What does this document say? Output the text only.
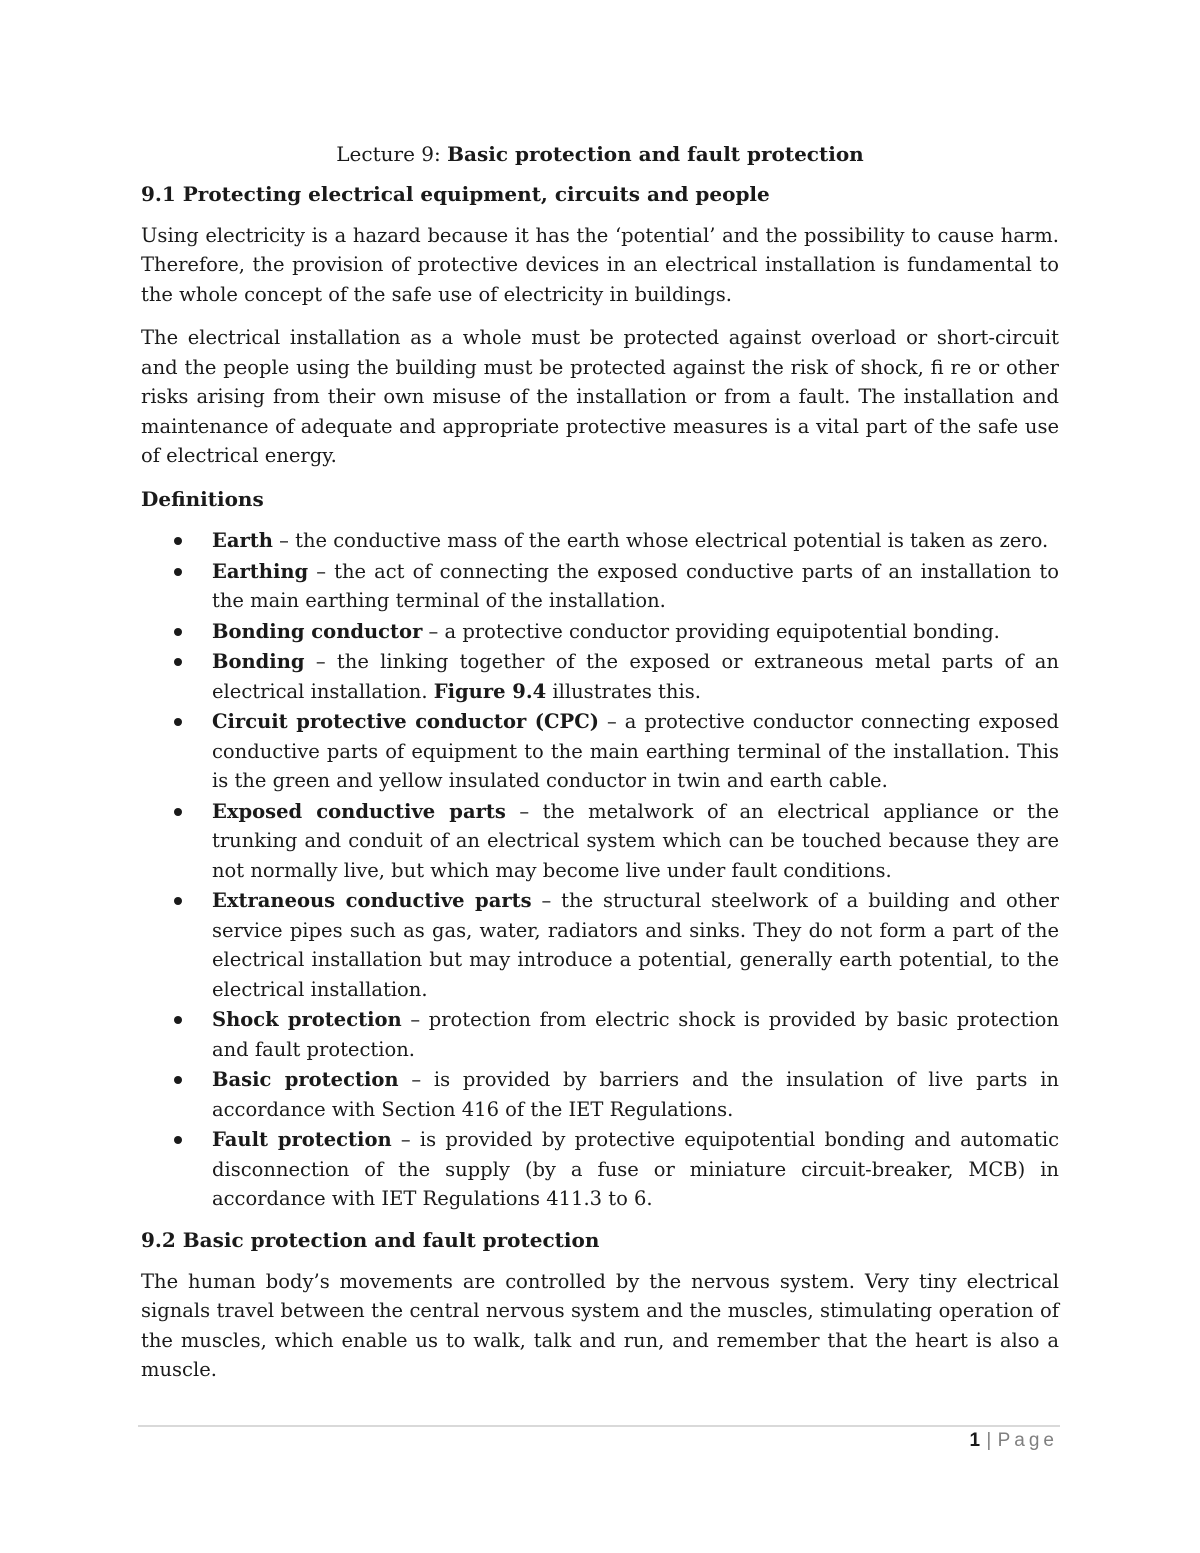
Lecture 9: Basic protection and fault protection
9.1 Protecting electrical equipment, circuits and people

Using electricity is a hazard because it has the ‘potential’ and the possibility to cause harm. Therefore, the provision of protective devices in an electrical installation is fundamental to the whole concept of the safe use of electricity in buildings.

The electrical installation as a whole must be protected against overload or short-circuit and the people using the building must be protected against the risk of shock, fi re or other risks arising from their own misuse of the installation or from a fault. The installation and maintenance of adequate and appropriate protective measures is a vital part of the safe use of electrical energy.

Definitions
Earth – the conductive mass of the earth whose electrical potential is taken as zero.
Earthing – the act of connecting the exposed conductive parts of an installation to the main earthing terminal of the installation.
Bonding conductor – a protective conductor providing equipotential bonding.
Bonding – the linking together of the exposed or extraneous metal parts of an electrical installation. Figure 9.4 illustrates this.
Circuit protective conductor (CPC) – a protective conductor connecting exposed conductive parts of equipment to the main earthing terminal of the installation. This is the green and yellow insulated conductor in twin and earth cable.
Exposed conductive parts – the metalwork of an electrical appliance or the trunking and conduit of an electrical system which can be touched because they are not normally live, but which may become live under fault conditions.
Extraneous conductive parts – the structural steelwork of a building and other service pipes such as gas, water, radiators and sinks. They do not form a part of the electrical installation but may introduce a potential, generally earth potential, to the electrical installation.
Shock protection – protection from electric shock is provided by basic protection and fault protection.
Basic protection – is provided by barriers and the insulation of live parts in accordance with Section 416 of the IET Regulations.
Fault protection – is provided by protective equipotential bonding and automatic disconnection of the supply (by a fuse or miniature circuit-breaker, MCB) in accordance with IET Regulations 411.3 to 6.
9.2 Basic protection and fault protection

The human body’s movements are controlled by the nervous system. Very tiny electrical signals travel between the central nervous system and the muscles, stimulating operation of the muscles, which enable us to walk, talk and run, and remember that the heart is also a muscle.

1 | Page
